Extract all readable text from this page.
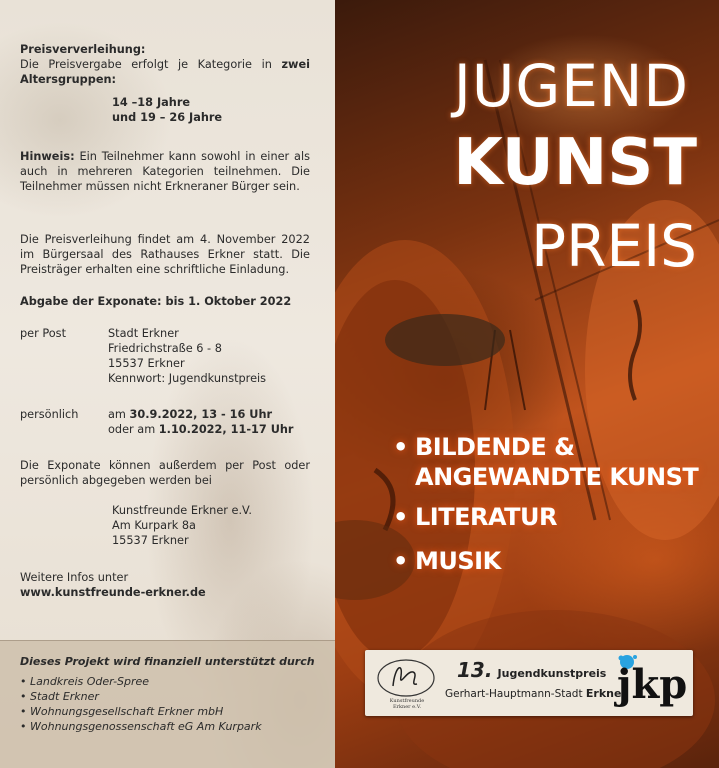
Preisververleihung:
Die Preisvergabe erfolgt je Kategorie in zwei Altersgruppen:
14 –18 Jahre
und 19 – 26 Jahre
Hinweis: Ein Teilnehmer kann sowohl in einer als auch in mehreren Kategorien teilnehmen. Die Teilnehmer müssen nicht Erkneraner Bürger sein.
Die Preisverleihung findet am 4. November 2022 im Bürgersaal des Rathauses Erkner statt. Die Preisträger erhalten eine schriftliche Einladung.
Abgabe der Exponate: bis 1. Oktober 2022
per Post	Stadt Erkner
Friedrichstraße 6 - 8
15537 Erkner
Kennwort: Jugendkunstpreis
persönlich	am 30.9.2022, 13 - 16 Uhr
oder am 1.10.2022, 11-17 Uhr
Die Exponate können außerdem per Post oder persönlich abgegeben werden bei
Kunstfreunde Erkner e.V.
Am Kurpark 8a
15537 Erkner
Weitere Infos unter
www.kunstfreunde-erkner.de
Dieses Projekt wird finanziell unterstützt durch
• Landkreis Oder-Spree
• Stadt Erkner
• Wohnungsgesellschaft Erkner mbH
• Wohnungsgenossenschaft eG Am Kurpark
JUGEND
KUNST
PREIS
• BILDENDE &
ANGEWANDTE KUNST
• LITERATUR
• MUSIK
Kunstfreunde Erkner e.V.
13. Jugendkunstpreis
Gerhart-Hauptmann-Stadt Erkner
jkp
